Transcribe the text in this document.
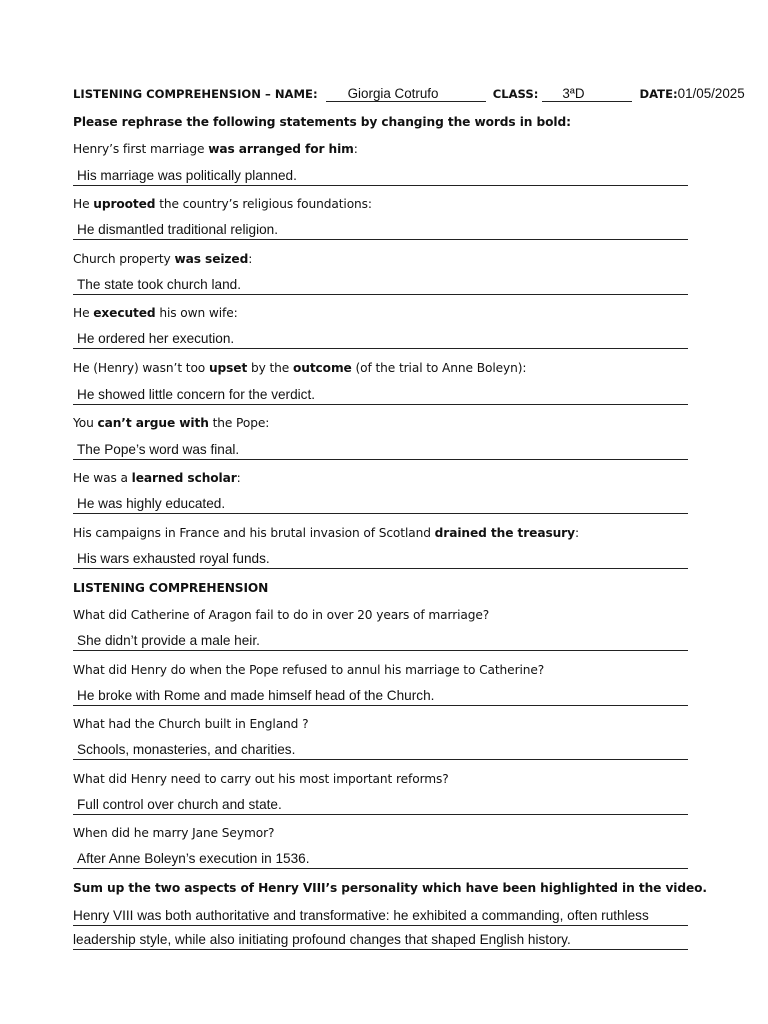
LISTENING COMPREHENSION – NAME: Giorgia Cotrufo	CLASS: 3ªD	DATE:01/05/2025
Please rephrase the following statements by changing the words in bold:
Henry’s first marriage was arranged for him:
His marriage was politically planned.
He uprooted the country’s religious foundations:
He dismantled traditional religion.
Church property was seized:
The state took church land.
He executed his own wife:
He ordered her execution.
He (Henry) wasn’t too upset by the outcome (of the trial to Anne Boleyn):
He showed little concern for the verdict.
You can’t argue with the Pope:
The Pope’s word was final.
He was a learned scholar:
He was highly educated.
His campaigns in France and his brutal invasion of Scotland drained the treasury:
His wars exhausted royal funds.
LISTENING COMPREHENSION
What did Catherine of Aragon fail to do in over 20 years of marriage?
She didn’t provide a male heir.
What did Henry do when the Pope refused to annul his marriage to Catherine?
He broke with Rome and made himself head of the Church.
What had the Church built in England ?
Schools, monasteries, and charities.
What did Henry need to carry out his most important reforms?
Full control over church and state.
When did he marry Jane Seymor?
After Anne Boleyn’s execution in 1536.
Sum up the two aspects of Henry VIII’s personality which have been highlighted in the video.
Henry VIII was both authoritative and transformative: he exhibited a commanding, often ruthless
leadership style, while also initiating profound changes that shaped English history.
